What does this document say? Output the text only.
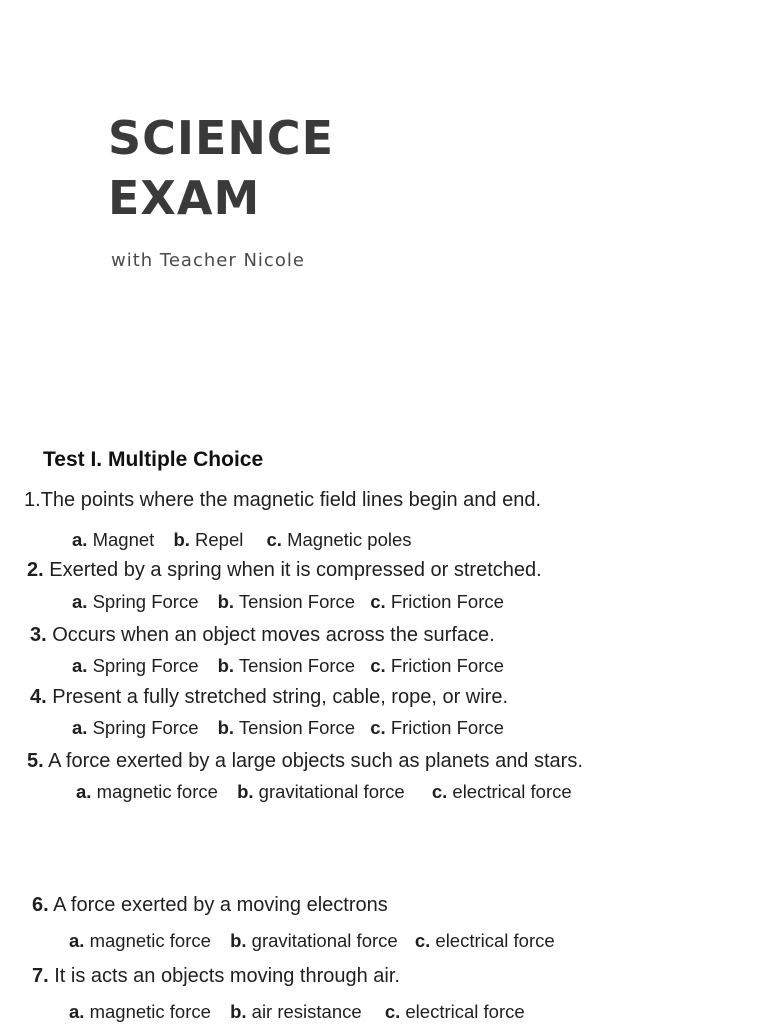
SCIENCE
EXAM
with Teacher Nicole
Test I. Multiple Choice
1.The points where the magnetic field lines begin and end.
a. Magnet b. Repel c. Magnetic poles
2. Exerted by a spring when it is compressed or stretched.
a. Spring Force b. Tension Force c. Friction Force
3. Occurs when an object moves across the surface.
a. Spring Force b. Tension Force c. Friction Force
4. Present a fully stretched string, cable, rope, or wire.
a. Spring Force b. Tension Force c. Friction Force
5. A force exerted by a large objects such as planets and stars.
a. magnetic force b. gravitational force c. electrical force
6. A force exerted by a moving electrons
a. magnetic force b. gravitational force c. electrical force
7. It is acts an objects moving through air.
a. magnetic force b. air resistance c. electrical force
